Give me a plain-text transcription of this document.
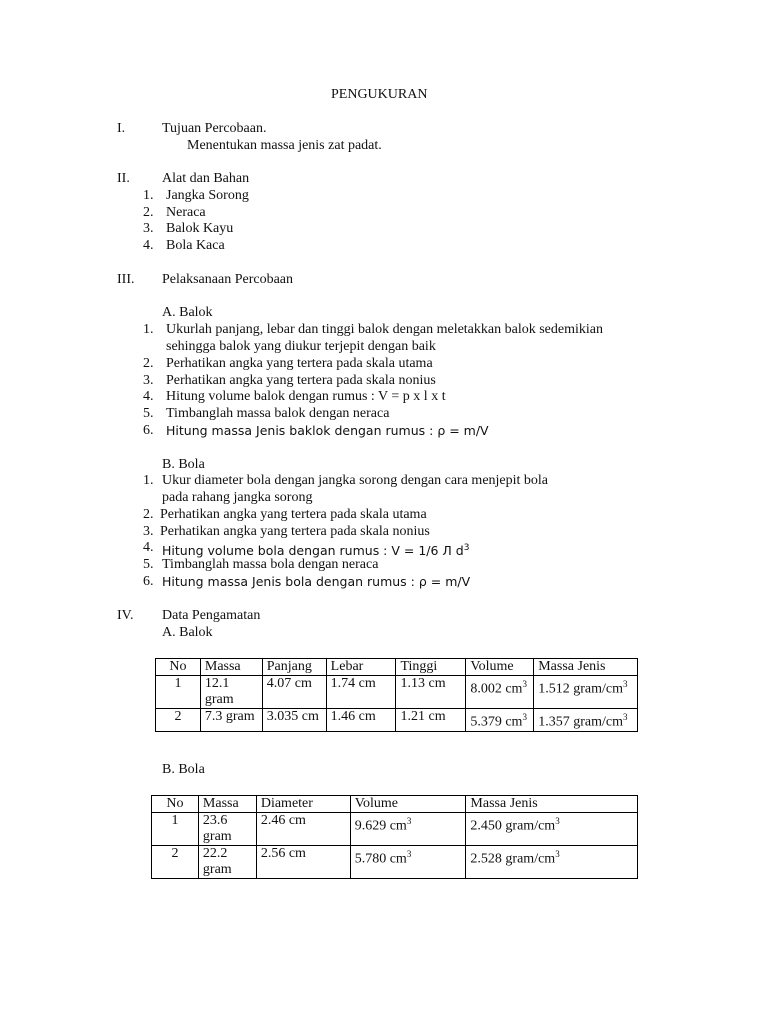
PENGUKURAN
I.	Tujuan Percobaan.
Menentukan massa jenis zat padat.
II. Alat dan Bahan
1. Jangka Sorong
2. Neraca
3. Balok Kayu
4. Bola Kaca
III. Pelaksanaan Percobaan
A. Balok
1. Ukurlah panjang, lebar dan tinggi balok dengan meletakkan balok sedemikian
sehingga balok yang diukur terjepit dengan baik
2. Perhatikan angka yang tertera pada skala utama
3. Perhatikan angka yang tertera pada skala nonius
4. Hitung volume balok dengan rumus : V = p x l x t
5. Timbanglah massa balok dengan neraca
6. Hitung massa Jenis baklok dengan rumus : ρ = m/V
B. Bola
1. Ukur diameter bola dengan jangka sorong dengan cara menjepit bola
pada rahang jangka sorong
2. Perhatikan angka yang tertera pada skala utama
3. Perhatikan angka yang tertera pada skala nonius
4. Hitung volume bola dengan rumus : V = 1/6 Л $d^3$
5. Timbanglah massa bola dengan neraca
6. Hitung massa Jenis bola dengan rumus : ρ = m/V
IV. Data Pengamatan
A. Balok
No	Massa	Panjang	Lebar	Tinggi	Volume	Massa Jenis
1	12.1 gram	4.07 cm	1.74 cm	1.13 cm	8.002 $cm^3$	1.512 gram/$cm^3$
2	7.3 gram	3.035 cm	1.46 cm	1.21 cm	5.379 $cm^3$	1.357 gram/$cm^3$
B. Bola
No	Massa	Diameter	Volume	Massa Jenis
1	23.6 gram	2.46 cm	9.629 $cm^3$	2.450 gram/$cm^3$
2	22.2 gram	2.56 cm	5.780 $cm^3$	2.528 gram/$cm^3$
